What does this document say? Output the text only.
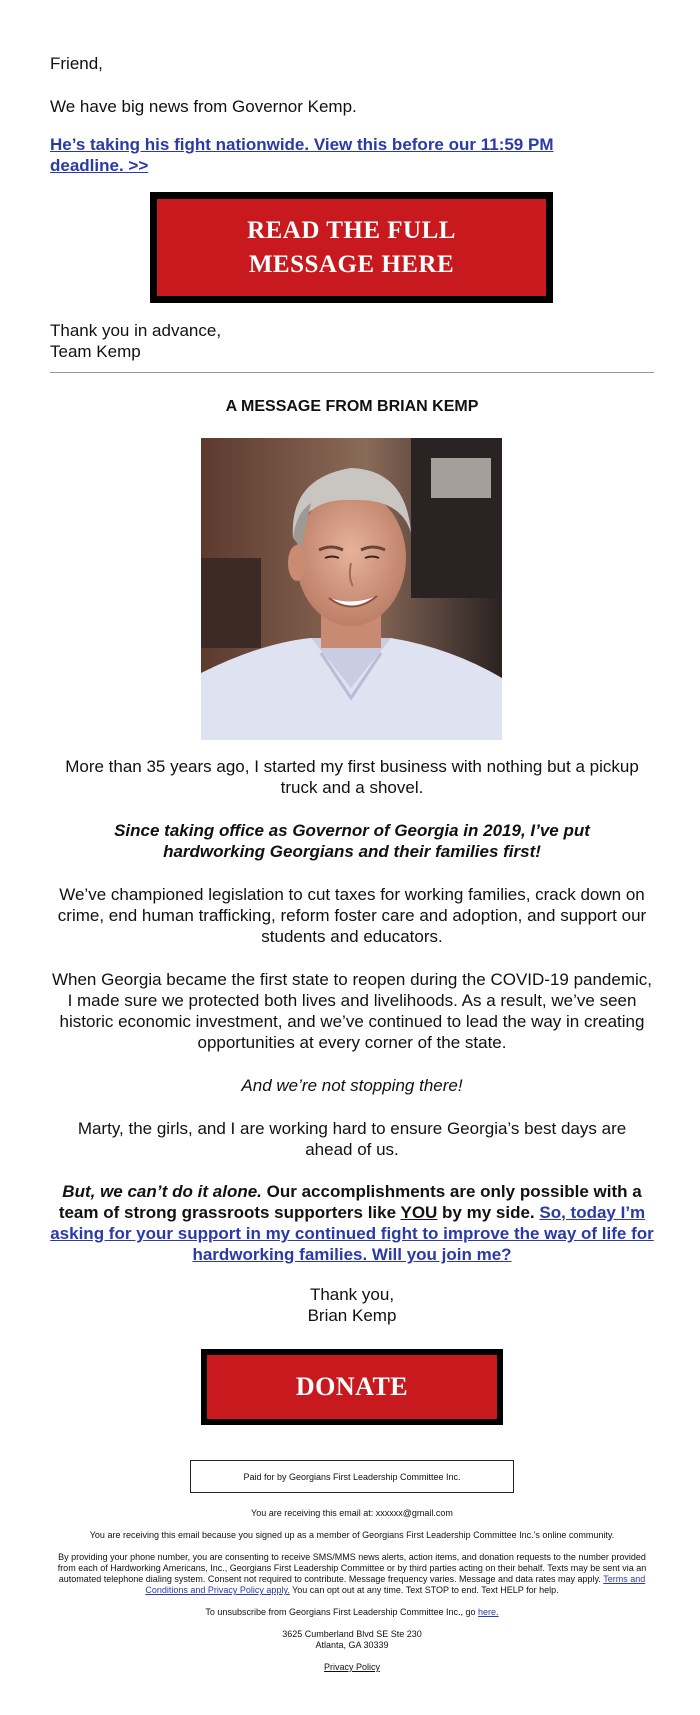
Friend,

We have big news from Governor Kemp.

He’s taking his fight nationwide. View this before our 11:59 PM deadline. >>
READ THE FULL
MESSAGE HERE

Thank you in advance,

Team Kemp

A MESSAGE FROM BRIAN KEMP

More than 35 years ago, I started my first business with nothing but a pickup truck and a shovel.

Since taking office as Governor of Georgia in 2019, I’ve put hardworking Georgians and their families first!

We’ve championed legislation to cut taxes for working families, crack down on crime, end human trafficking, reform foster care and adoption, and support our students and educators.

When Georgia became the first state to reopen during the COVID-19 pandemic, I made sure we protected both lives and livelihoods. As a result, we’ve seen historic economic investment, and we’ve continued to lead the way in creating opportunities at every corner of the state.

And we’re not stopping there!

Marty, the girls, and I are working hard to ensure Georgia’s best days are ahead of us.

But, we can’t do it alone. Our accomplishments are only possible with a team of strong grassroots supporters like YOU by my side. So, today I’m asking for your support in my continued fight to improve the way of life for hardworking families. Will you join me?

Thank you,

Brian Kemp

DONATE
Paid for by Georgians First Leadership Committee Inc.

You are receiving this email at: xxxxxx@gmail.com

You are receiving this email because you signed up as a member of Georgians First Leadership Committee Inc.'s online community.

By providing your phone number, you are consenting to receive SMS/MMS news alerts, action items, and donation requests to the number provided from each of Hardworking Americans, Inc., Georgians First Leadership Committee or by third parties acting on their behalf. Texts may be sent via an automated telephone dialing system. Consent not required to contribute. Message frequency varies. Message and data rates may apply. Terms and Conditions and Privacy Policy apply. You can opt out at any time. Text STOP to end. Text HELP for help.

To unsubscribe from Georgians First Leadership Committee Inc., go here.

3625 Cumberland Blvd SE Ste 230

Atlanta, GA 30339

Privacy Policy
